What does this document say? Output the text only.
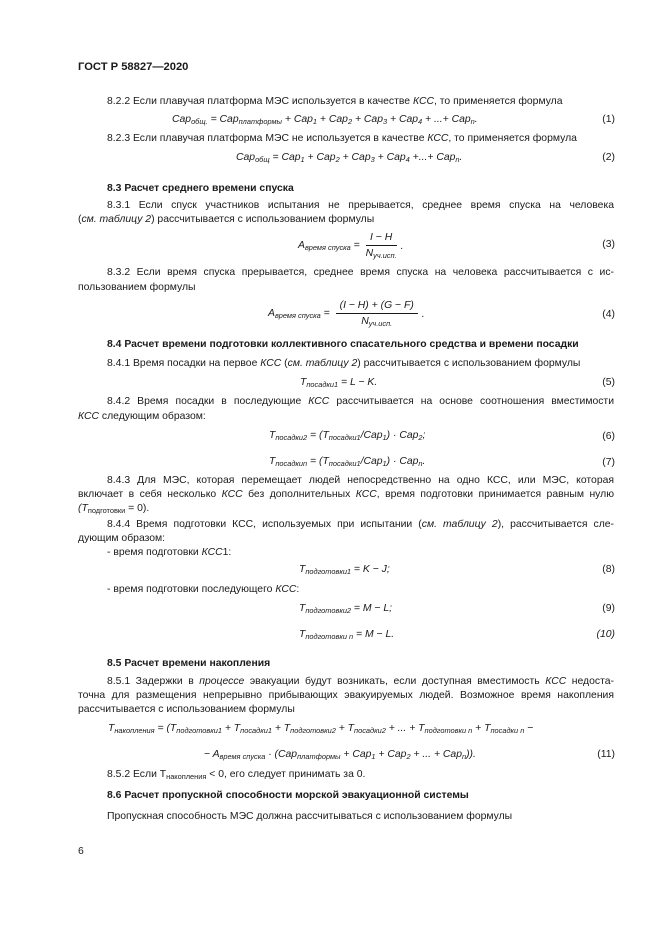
ГОСТ Р 58827—2020
8.2.2 Если плавучая платформа МЭС используется в качестве КСС, то применяется формула
Cap$_{общ.}$ = Cap$_{платформы}$ + Cap$_1$ + Cap$_2$ + Cap$_3$ + Cap$_4$ + ...+ Cap$_n$.	(1)
8.2.3 Если плавучая платформа МЭС не используется в качестве КСС, то применяется формула
Cap$_{общ}$ = Cap$_1$ + Cap$_2$ + Cap$_3$ + Cap$_4$ +...+ Cap$_n$.	(2)
8.3 Расчет среднего времени спуска
8.3.1 Если спуск участников испытания не прерывается, среднее время спуска на человека
(см. таблицу 2) рассчитывается с использованием формулы
$A_{время спуска} = \frac{I - H}{N_{уч.исп.}}$ .	(3)
8.3.2 Если время спуска прерывается, среднее время спуска на человека рассчитывается с ис-
пользованием формулы
$A_{время спуска} = \frac{(I - H) + (G - F)}{N_{уч.исп.}}$ .	(4)
8.4 Расчет времени подготовки коллективного спасательного средства и времени посадки
8.4.1 Время посадки на первое КСС (см. таблицу 2) рассчитывается с использованием формулы
$T_{посадки1} = L - K$.	(5)
8.4.2 Время посадки в последующие КСС рассчитывается на основе соотношения вместимости
КСС следующим образом:
$T_{посадки2} = (T_{посадки1}/Cap_1) \cdot Cap_2$;	(6)
$T_{посадкиn} = (T_{посадки1}/Cap_1) \cdot Cap_n$.	(7)
8.4.3 Для МЭС, которая перемещает людей непосредственно на одно КСС, или МЭС, которая
включает в себя несколько КСС без дополнительных КСС, время подготовки принимается равным нулю
$(T_{подготовки} = 0)$.
8.4.4 Время подготовки КСС, используемых при испытании (см. таблицу 2), рассчитывается сле-
дующим образом:
- время подготовки КСС1:
$T_{подготовки1} = K - J$;	(8)
- время подготовки последующего КСС:
$T_{подготовки2} = M - L$;	(9)
$T_{подготовки n} = M - L$.	(10)
8.5 Расчет времени накопления
8.5.1 Задержки в процессе эвакуации будут возникать, если доступная вместимость КСС недоста-
точна для размещения непрерывно прибывающих эвакуируемых людей. Возможное время накопления
рассчитывается с использованием формулы
$T_{накопления} = (T_{подготовки1} + T_{посадки1} + T_{подготовки2} + T_{посадки2}$ + ... + $T_{подготовки n} + T_{посадки n}$ −
− $A_{время спуска} \cdot (Cap_{платформы} + Cap_1 + Cap_2$ + ... + Cap$_n$)).	(11)
8.5.2 Если $T_{накопления} < 0$, его следует принимать за 0.
8.6 Расчет пропускной способности морской эвакуационной системы
Пропускная способность МЭС должна рассчитываться с использованием формулы
6
